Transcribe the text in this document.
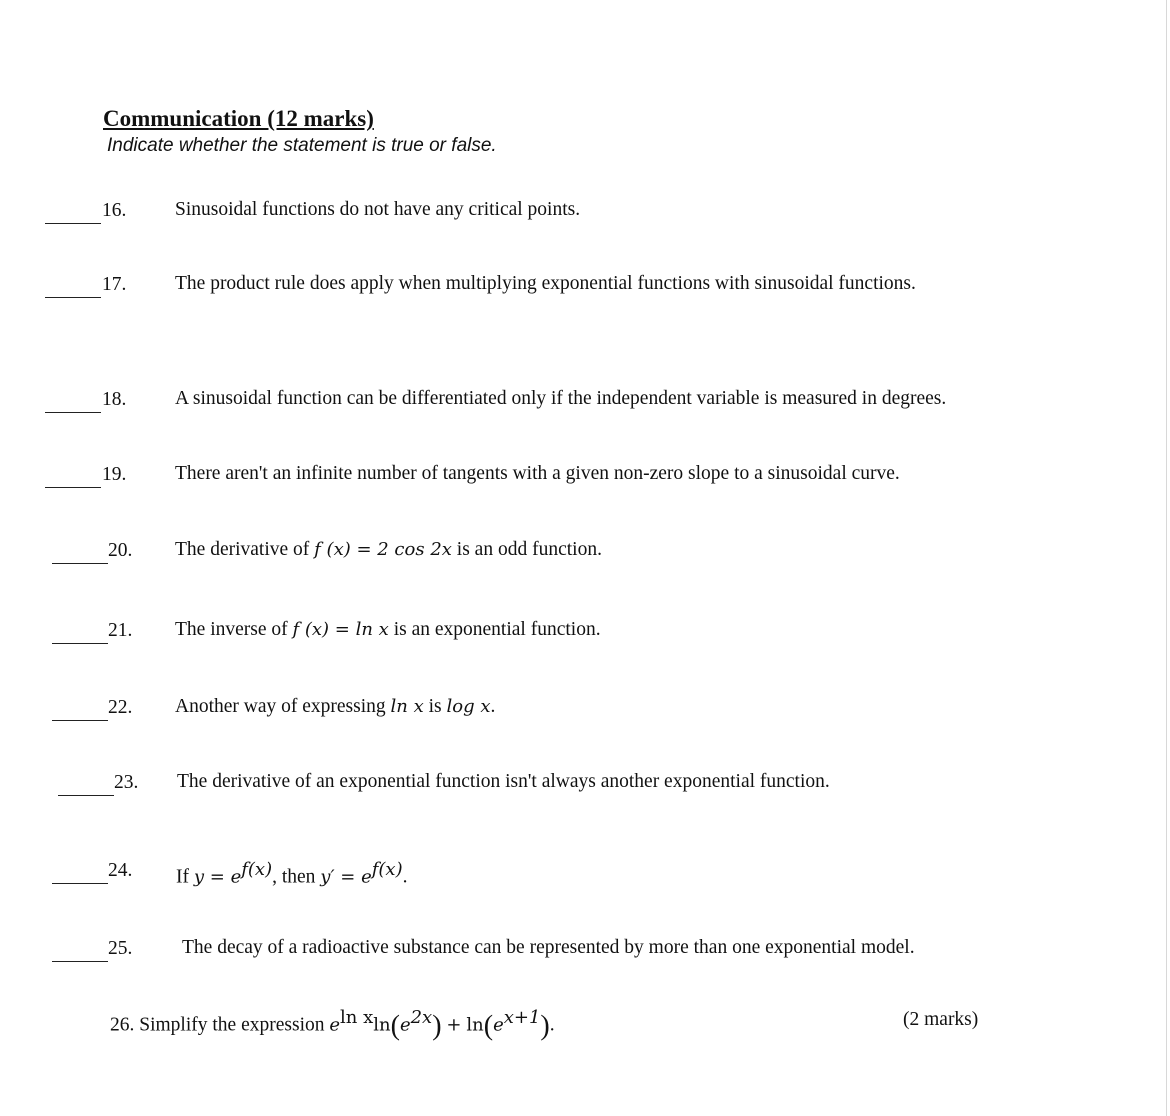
Communication (12 marks)

Indicate whether the statement is true or false.

16. Sinusoidal functions do not have any critical points.
17. The product rule does apply when multiplying exponential functions with sinusoidal functions.
18. A sinusoidal function can be differentiated only if the independent variable is measured in degrees.
19. There aren't an infinite number of tangents with a given non-zero slope to a sinusoidal curve.
20. The derivative of f (x) = 2 cos 2x is an odd function.
21. The inverse of f (x) = ln x is an exponential function.
22. Another way of expressing ln x is log x.
23. The derivative of an exponential function isn't always another exponential function.
24. If $y = e^{f(x)}$, then $y' = e^{f(x)}$.
25.	The decay of a radioactive substance can be represented by more than one exponential model.
26. Simplify the expression $e^{ln x}\ln(e^{2x}) + \ln(e^{x+1})$.	(2 marks)
